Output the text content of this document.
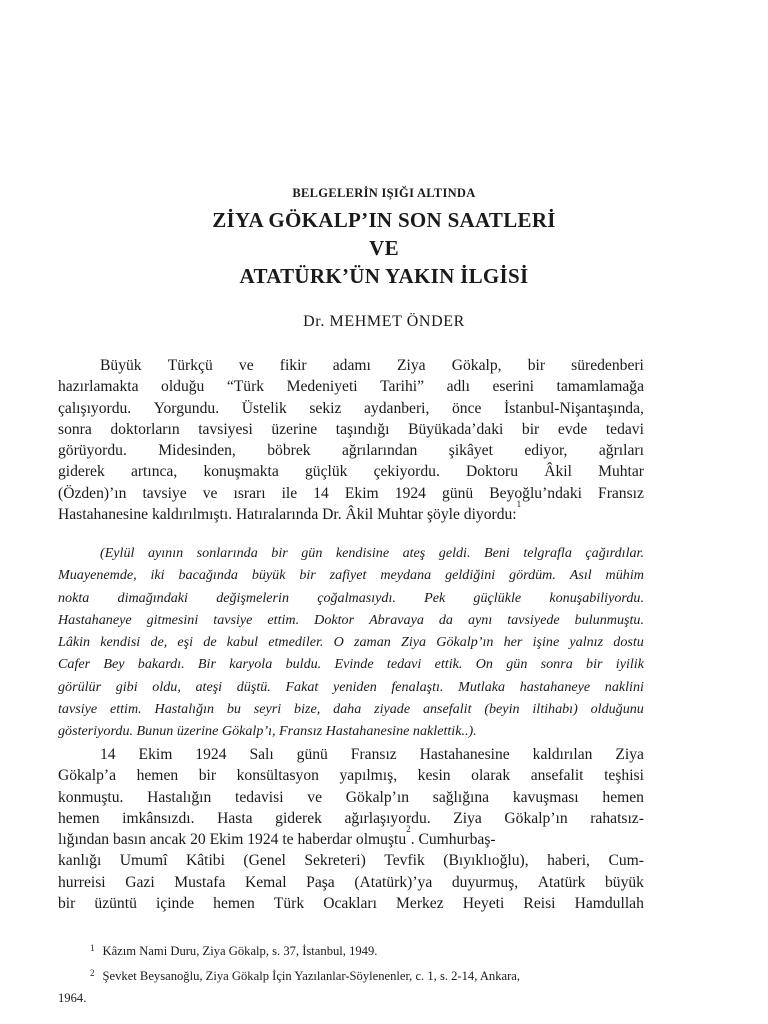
BELGELERİN IŞIĞI ALTINDA
ZİYA GÖKALP’IN SON SAATLERİ
VE
ATATÜRK’ÜN YAKIN İLGİSİ
Dr. MEHMET ÖNDER
Büyük Türkçü ve fikir adamı Ziya Gökalp, bir süredenberi
hazırlamakta olduğu “Türk Medeniyeti Tarihi” adlı eserini tamamlamağa
çalışıyordu. Yorgundu. Üstelik sekiz aydanberi, önce İstanbul-Nişantaşında,
sonra doktorların tavsiyesi üzerine taşındığı Büyükada’daki bir evde tedavi
görüyordu. Midesinden, böbrek ağrılarından şikâyet ediyor, ağrıları
giderek artınca, konuşmakta güçlük çekiyordu. Doktoru Âkil Muhtar
(Özden)’ın tavsiye ve ısrarı ile 14 Ekim 1924 günü Beyoğlu’ndaki Fransız
Hastahanesine kaldırılmıştı. Hatıralarında Dr. Âkil Muhtar şöyle diyordu:
1
(Eylül ayının sonlarında bir gün kendisine ateş geldi. Beni telgrafla çağırdılar.
Muayenemde, iki bacağında büyük bir zafiyet meydana geldiğini gördüm. Asıl mühim
nokta dimağındaki değişmelerin çoğalmasıydı. Pek güçlükle konuşabiliyordu.
Hastahaneye gitmesini tavsiye ettim. Doktor Abravaya da aynı tavsiyede bulunmuştu.
Lâkin kendisi de, eşi de kabul etmediler. O zaman Ziya Gökalp’ın her işine yalnız dostu
Cafer Bey bakardı. Bir karyola buldu. Evinde tedavi ettik. On gün sonra bir iyilik
görülür gibi oldu, ateşi düştü. Fakat yeniden fenalaştı. Mutlaka hastahaneye naklini
tavsiye ettim. Hastalığın bu seyri bize, daha ziyade ansefalit (beyin iltihabı) olduğunu
gösteriyordu. Bunun üzerine Gökalp’ı, Fransız Hastahanesine naklettik..).
14 Ekim 1924 Salı günü Fransız Hastahanesine kaldırılan Ziya
Gökalp’a hemen bir konsültasyon yapılmış, kesin olarak ansefalit teşhisi
konmuştu. Hastalığın tedavisi ve Gökalp’ın sağlığına kavuşması hemen
hemen imkânsızdı. Hasta giderek ağırlaşıyordu. Ziya Gökalp’ın rahatsız-
lığından basın ancak 20 Ekim 1924 te haberdar olmuştu
2
. Cumhurbaş-
kanlığı Umumî Kâtibi (Genel Sekreteri) Tevfik (Bıyıklıoğlu), haberi, Cum-
hurreisi Gazi Mustafa Kemal Paşa (Atatürk)’ya duyurmuş, Atatürk büyük
bir üzüntü içinde hemen Türk Ocakları Merkez Heyeti Reisi Hamdullah
$^1$ Kâzım Nami Duru, Ziya Gökalp, s. 37, İstanbul, 1949.
$^2$ Şevket Beysanoğlu, Ziya Gökalp İçin Yazılanlar-Söylenenler, c. 1, s. 2-14, Ankara,
1964.
